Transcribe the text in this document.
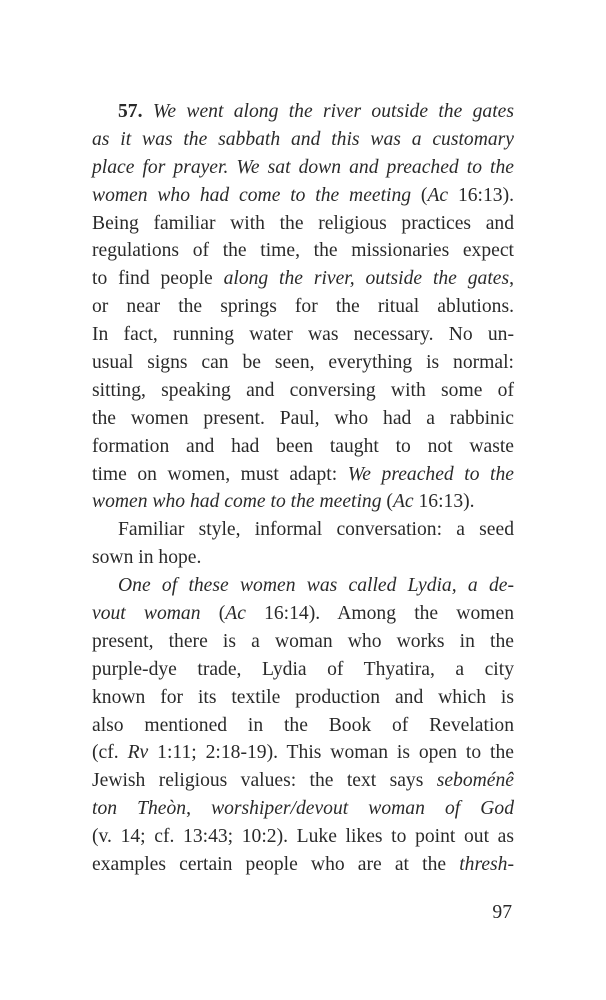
57. We went along the river outside the gates
as it was the sabbath and this was a customary
place for prayer. We sat down and preached to the
women who had come to the meeting (Ac 16:13).
Being familiar with the religious practices and
regulations of the time, the missionaries expect
to find people along the river, outside the gates,
or near the springs for the ritual ablutions.
In fact, running water was necessary. No un-
usual signs can be seen, everything is normal:
sitting, speaking and conversing with some of
the women present. Paul, who had a rabbinic
formation and had been taught to not waste
time on women, must adapt: We preached to the
women who had come to the meeting (Ac 16:13).
Familiar style, informal conversation: a seed
sown in hope.
One of these women was called Lydia, a de-
vout woman (Ac 16:14). Among the women
present, there is a woman who works in the
purple-dye trade, Lydia of Thyatira, a city
known for its textile production and which is
also mentioned in the Book of Revelation
(cf. Rv 1:11; 2:18-19). This woman is open to the
Jewish religious values: the text says seboménê
ton Theòn, worshiper/devout woman of God
(v. 14; cf. 13:43; 10:2). Luke likes to point out as
examples certain people who are at the thresh-
97
